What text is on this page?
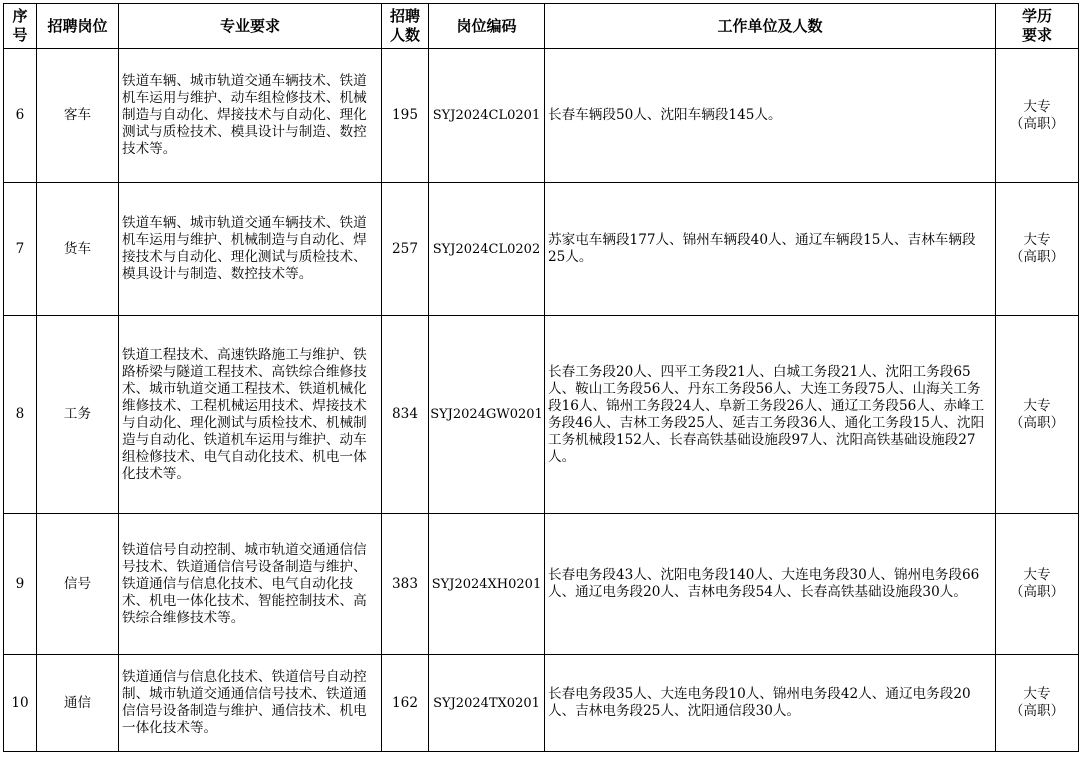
序
号	招聘岗位	专业要求	招聘
人数	岗位编码	工作单位及人数	学历
要求
6	客车	铁道车辆、城市轨道交通车辆技术、铁道机车运用与维护、动车组检修技术、机械制造与自动化、焊接技术与自动化、理化测试与质检技术、模具设计与制造、数控技术等。	195	SYJ2024CL0201	长春车辆段50人、沈阳车辆段145人。	大专
（高职）
7	货车	铁道车辆、城市轨道交通车辆技术、铁道机车运用与维护、机械制造与自动化、焊接技术与自动化、理化测试与质检技术、模具设计与制造、数控技术等。	257	SYJ2024CL0202	苏家屯车辆段177人、锦州车辆段40人、通辽车辆段15人、吉林车辆段25人。	大专
（高职）
8	工务	铁道工程技术、高速铁路施工与维护、铁路桥梁与隧道工程技术、高铁综合维修技术、城市轨道交通工程技术、铁道机械化维修技术、工程机械运用技术、焊接技术与自动化、理化测试与质检技术、机械制造与自动化、铁道机车运用与维护、动车组检修技术、电气自动化技术、机电一体化技术等。	834	SYJ2024GW0201	长春工务段20人、四平工务段21人、白城工务段21人、沈阳工务段65人、鞍山工务段56人、丹东工务段56人、大连工务段75人、山海关工务段16人、锦州工务段24人、阜新工务段26人、通辽工务段56人、赤峰工务段46人、吉林工务段25人、延吉工务段36人、通化工务段15人、沈阳工务机械段152人、长春高铁基础设施段97人、沈阳高铁基础设施段27人。	大专
（高职）
9	信号	铁道信号自动控制、城市轨道交通通信信号技术、铁道通信信号设备制造与维护、铁道通信与信息化技术、电气自动化技术、机电一体化技术、智能控制技术、高铁综合维修技术等。	383	SYJ2024XH0201	长春电务段43人、沈阳电务段140人、大连电务段30人、锦州电务段66人、通辽电务段20人、吉林电务段54人、长春高铁基础设施段30人。	大专
（高职）
10	通信	铁道通信与信息化技术、铁道信号自动控制、城市轨道交通通信信号技术、铁道通信信号设备制造与维护、通信技术、机电一体化技术等。	162	SYJ2024TX0201	长春电务段35人、大连电务段10人、锦州电务段42人、通辽电务段20人、吉林电务段25人、沈阳通信段30人。	大专
（高职）
